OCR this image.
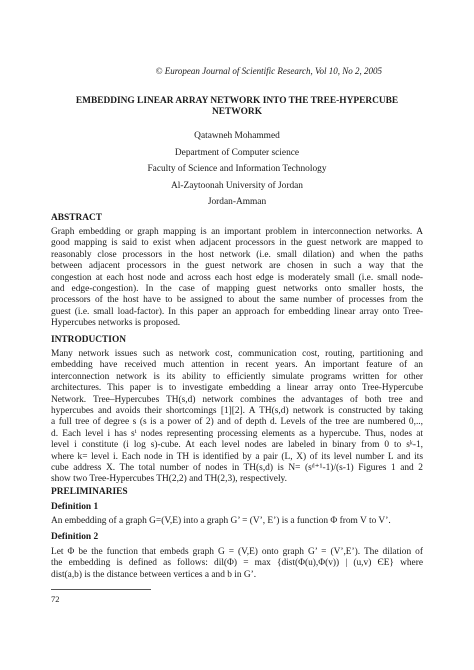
© European Journal of Scientific Research, Vol 10, No 2, 2005
EMBEDDING LINEAR ARRAY NETWORK INTO THE TREE-HYPERCUBE
NETWORK
Qatawneh Mohammed
Department of Computer science
Faculty of Science and Information Technology
Al-Zaytoonah University of Jordan
Jordan-Amman
ABSTRACT
Graph embedding or graph mapping is an important problem in interconnection networks. A
good mapping is said to exist when adjacent processors in the guest network are mapped to
reasonably close processors in the host network (i.e. small dilation) and when the paths
between adjacent processors in the guest network are chosen in such a way that the
congestion at each host node and across each host edge is moderately small (i.e. small node-
and edge-congestion). In the case of mapping guest networks onto smaller hosts, the
processors of the host have to be assigned to about the same number of processes from the
guest (i.e. small load-factor). In this paper an approach for embedding linear array onto Tree-
Hypercubes networks is proposed.
INTRODUCTION
Many network issues such as network cost, communication cost, routing, partitioning and
embedding have received much attention in recent years. An important feature of an
interconnection network is its ability to efficiently simulate programs written for other
architectures. This paper is to investigate embedding a linear array onto Tree-Hypercube
Network. Tree–Hypercubes TH(s,d) network combines the advantages of both tree and
hypercubes and avoids their shortcomings [1][2]. A TH(s,d) network is constructed by taking
a full tree of degree s (s is a power of 2) and of depth d. Levels of the tree are numbered 0,..,
d. Each level i has sⁱ nodes representing processing elements as a hypercube. Thus, nodes at
level i constitute (i log s)-cube. At each level nodes are labeled in binary from 0 to sᵏ-1,
where k= level i. Each node in TH is identified by a pair (L, X) of its level number L and its
cube address X. The total number of nodes in TH(s,d) is N= (sᵈ⁺¹-1)/(s-1) Figures 1 and 2
show two Tree-Hypercubes TH(2,2) and TH(2,3), respectively.
PRELIMINARIES
Definition 1
An embedding of a graph G=(V,E) into a graph G’ = (V’, E’) is a function Φ from V to V’.
Definition 2
Let Φ be the function that embeds graph G = (V,E) onto graph G’ = (V’,E’). The dilation of
the embedding is defined as follows: dil(Φ) = max {dist(Φ(u),Φ(v)) | (u,v) ЄE} where
dist(a,b) is the distance between vertices a and b in G’.
72
